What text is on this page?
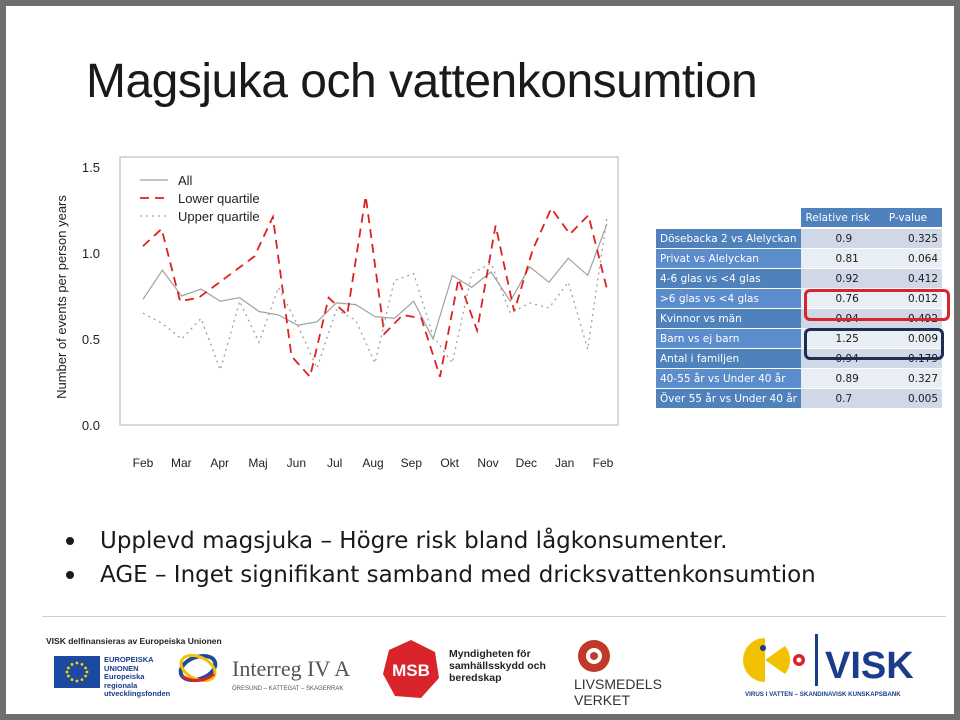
Magsjuka och vattenkonsumtion
Number of events per person years
0.0
0.5
1.0
1.5
Feb Mar Apr Maj Jun Jul Aug Sep Okt Nov Dec Jan Feb
All
Lower quartile
Upper quartile
		Relative risk	P-value
Dösebacka 2 vs Alelyckan	0.9	0.325
Privat vs Alelyckan	0.81	0.064
4-6 glas vs <4 glas	0.92	0.412
>6 glas vs <4 glas	0.76	0.012
Kvinnor vs män	0.94	0.492
Barn vs ej barn	1.25	0.009
Antal i familjen	0.94	0.179
40-55 år vs Under 40 år	0.89	0.327
Över 55 år vs Under 40 år	0.7	0.005
Upplevd magsjuka – Högre risk bland lågkonsumenter.
AGE – Inget signifikant samband med dricksvattenkonsumtion
VISK delfinansieras av Europeiska Unionen
EUROPEISKA UNIONEN Europeiska regionala utvecklingsfonden
Interreg IV A
ÖRESUND – KATTEGAT – SKAGERRAK
MSB
Myndigheten för samhällsskydd och beredskap	LIVSMEDELS VERKET
VISK
VIRUS I VATTEN – SKANDINAVISK KUNSKAPSBANK
